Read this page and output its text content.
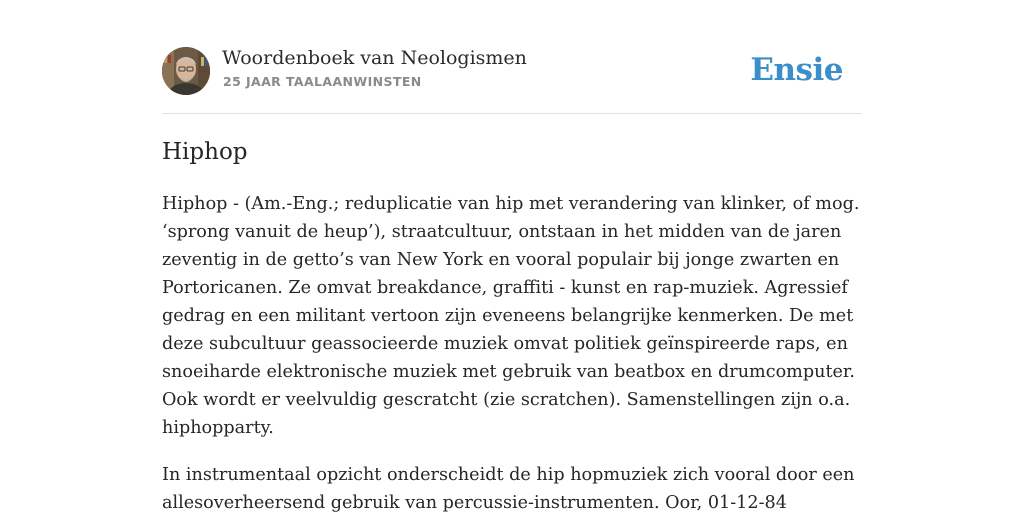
Woordenboek van Neologismen
25 JAAR TAALAANWINSTEN	Ensie
Hiphop

Hiphop - (Am.-Eng.; reduplicatie van hip met verandering van klinker, of mog. ‘sprong vanuit de heup’), straatcultuur, ontstaan in het midden van de jaren zeventig in de getto’s van New York en vooral populair bij jonge zwarten en Portoricanen. Ze omvat breakdance, graffiti - kunst en rap-muziek. Agressief gedrag en een militant vertoon zijn eveneens belangrijke kenmerken. De met deze subcultuur geassocieerde muziek omvat politiek geïnspireerde raps, en snoeiharde elektronische muziek met gebruik van beatbox en drumcomputer. Ook wordt er veelvuldig gescratcht (zie scratchen). Samenstellingen zijn o.a. hiphopparty.

In instrumentaal opzicht onderscheidt de hip hopmuziek zich vooral door een allesoverheersend gebruik van percussie-instrumenten. Oor, 01-12-84
